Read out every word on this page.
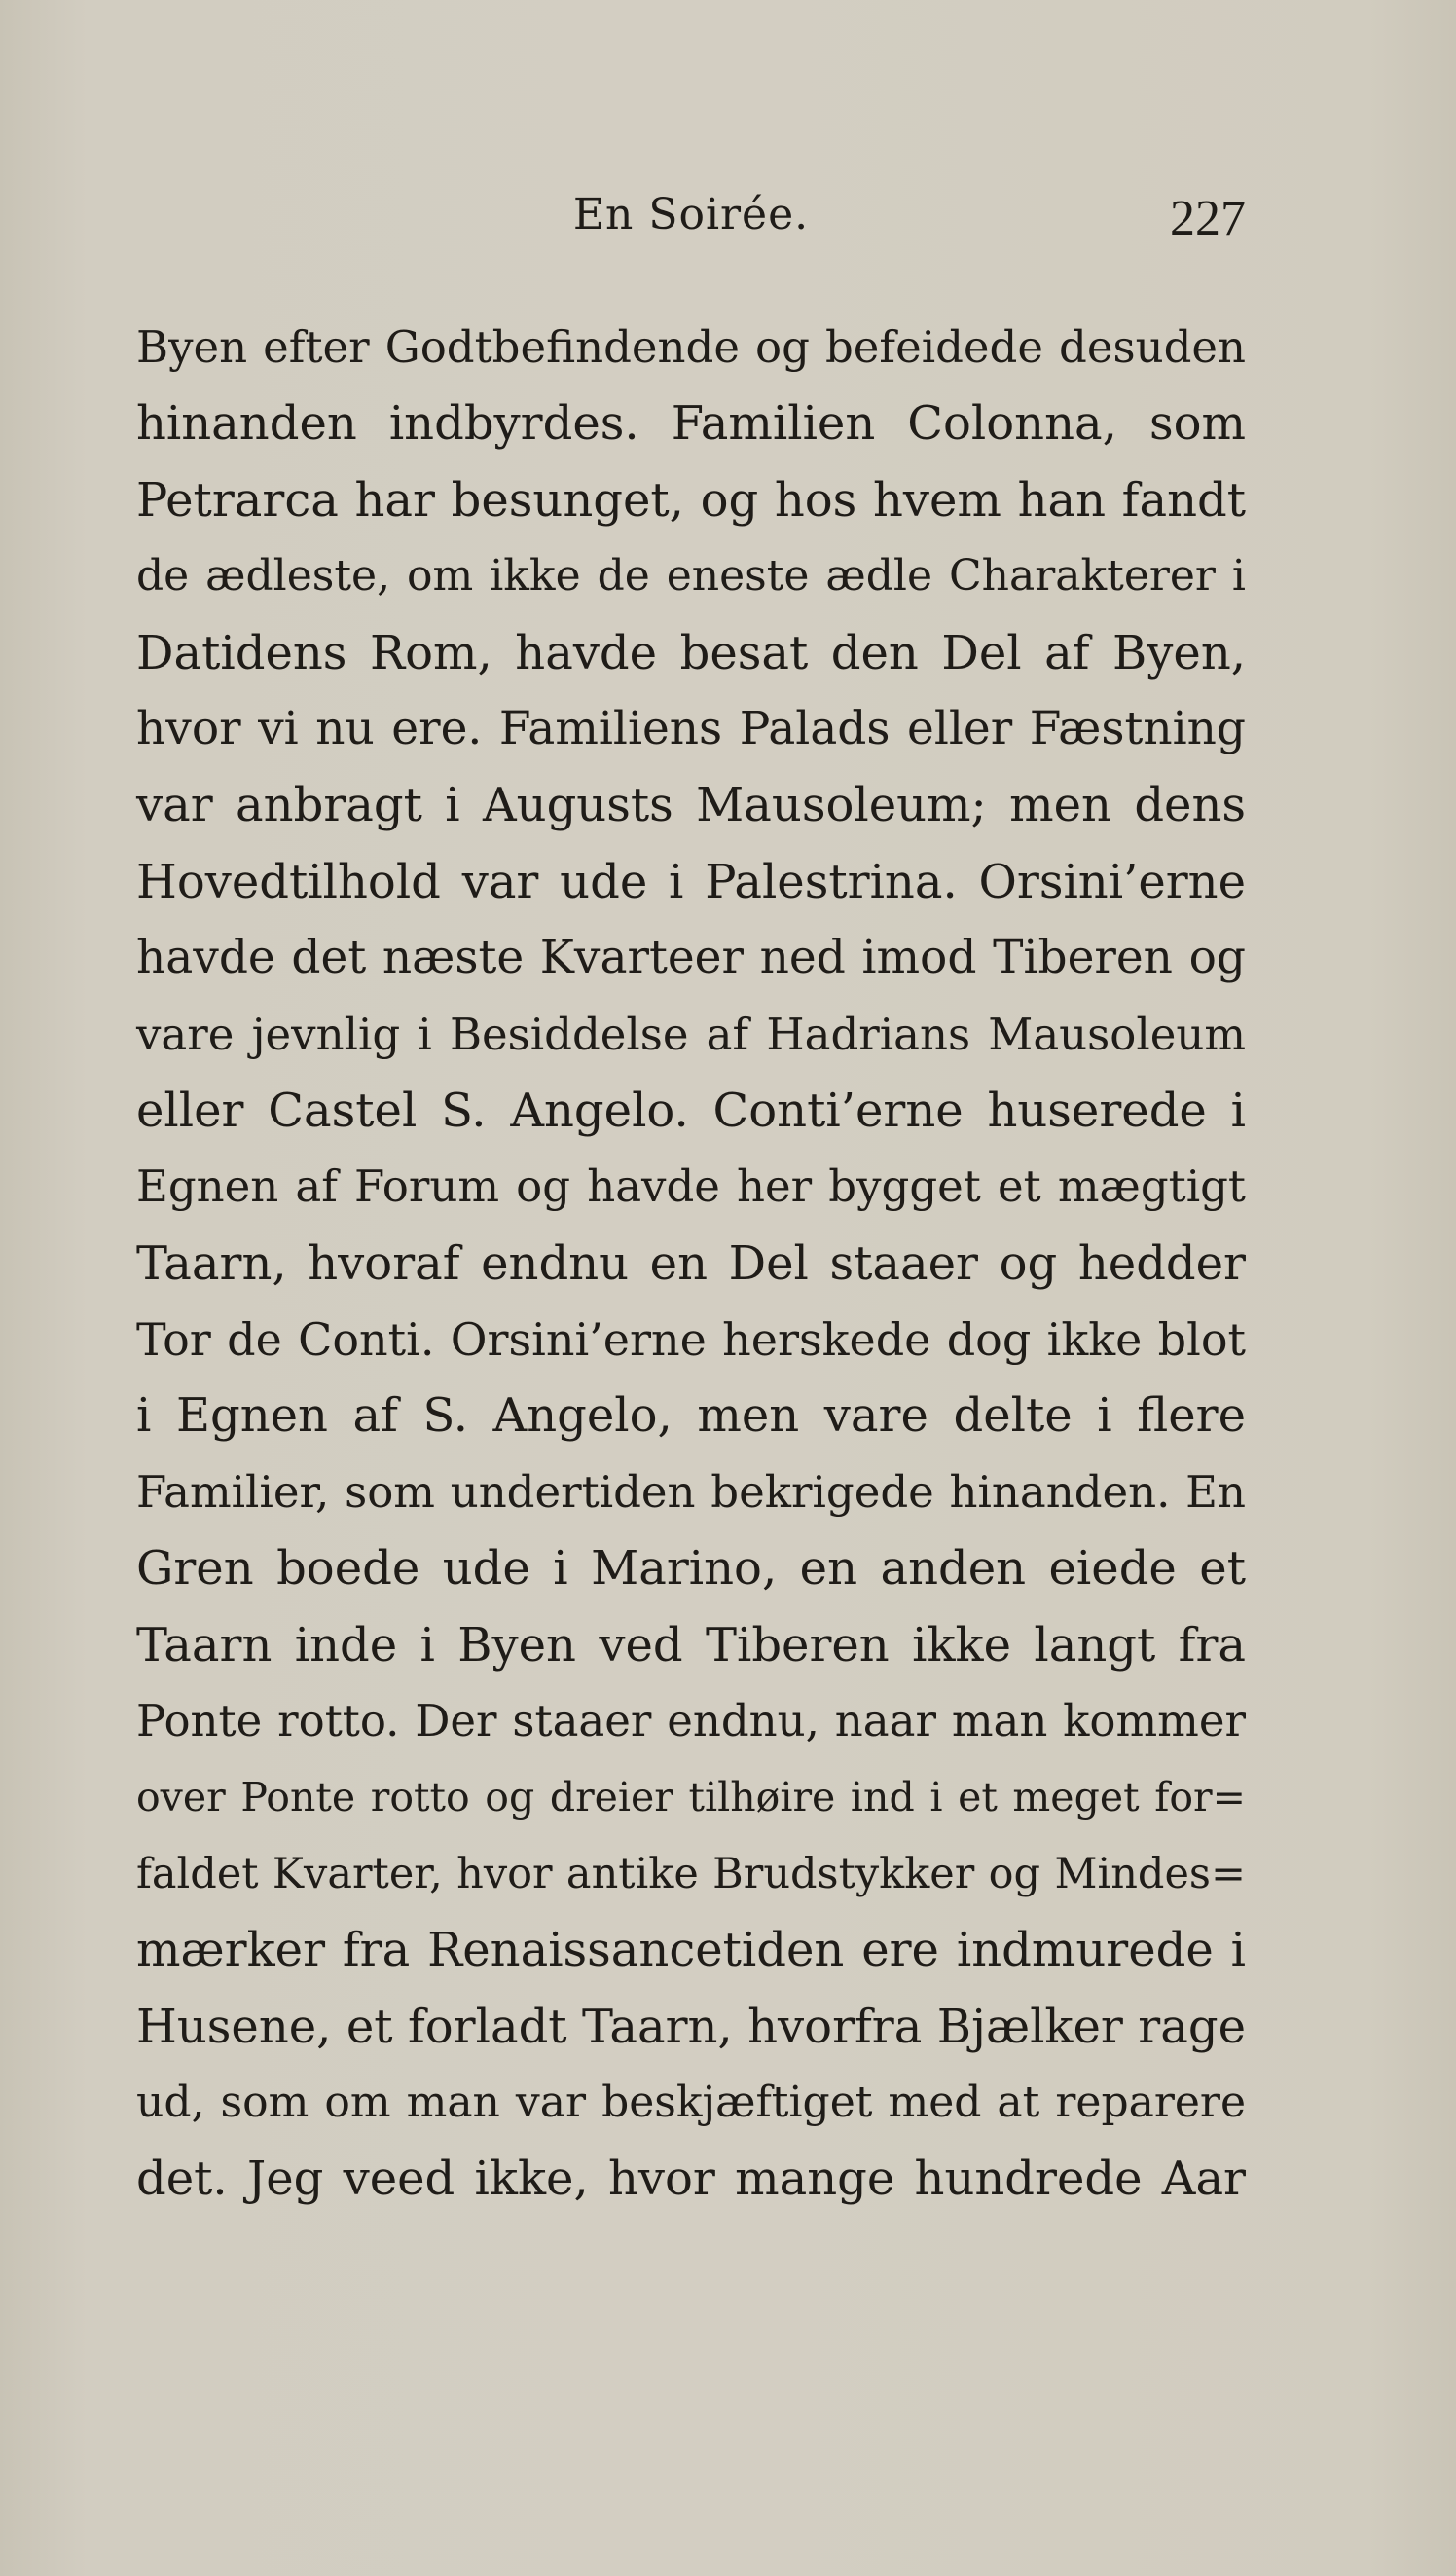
En Soirée.	227
Byen efter Godtbefindende og befeidede desuden
hinanden indbyrdes. Familien Colonna, som
Petrarca har besunget, og hos hvem han fandt
de ædleste, om ikke de eneste ædle Charakterer i
Datidens Rom, havde besat den Del af Byen,
hvor vi nu ere. Familiens Palads eller Fæstning
var anbragt i Augusts Mausoleum; men dens
Hovedtilhold var ude i Palestrina. Orsini’erne
havde det næste Kvarteer ned imod Tiberen og
vare jevnlig i Besiddelse af Hadrians Mausoleum
eller Castel S. Angelo. Conti’erne huserede i
Egnen af Forum og havde her bygget et mægtigt
Taarn, hvoraf endnu en Del staaer og hedder
Tor de Conti. Orsini’erne herskede dog ikke blot
i Egnen af S. Angelo, men vare delte i flere
Familier, som undertiden bekrigede hinanden. En
Gren boede ude i Marino, en anden eiede et
Taarn inde i Byen ved Tiberen ikke langt fra
Ponte rotto. Der staaer endnu, naar man kommer
over Ponte rotto og dreier tilhøire ind i et meget for=
faldet Kvarter, hvor antike Brudstykker og Mindes=
mærker fra Renaissancetiden ere indmurede i
Husene, et forladt Taarn, hvorfra Bjælker rage
ud, som om man var beskjæftiget med at reparere
det. Jeg veed ikke, hvor mange hundrede Aar
